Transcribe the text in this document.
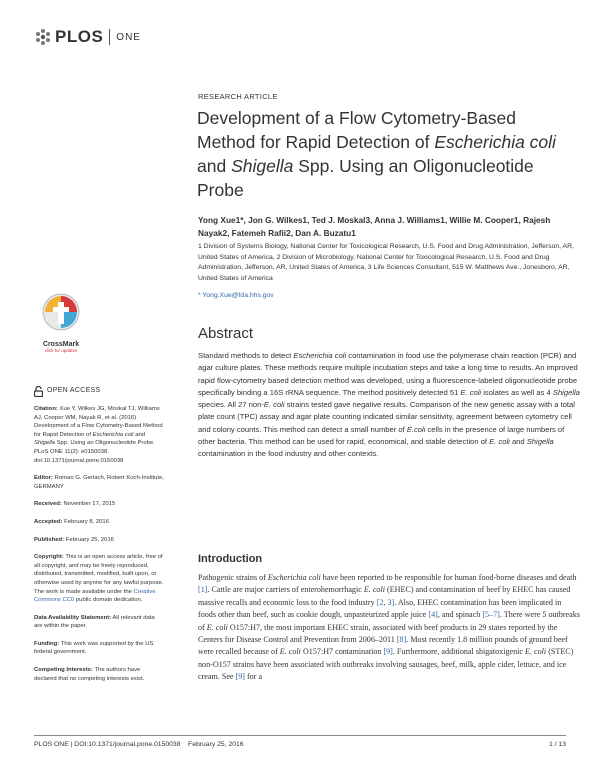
PLOS ONE
RESEARCH ARTICLE
Development of a Flow Cytometry-Based Method for Rapid Detection of Escherichia coli and Shigella Spp. Using an Oligonucleotide Probe
Yong Xue1*, Jon G. Wilkes1, Ted J. Moskal3, Anna J. Williams1, Willie M. Cooper1, Rajesh Nayak2, Fatemeh Rafii2, Dan A. Buzatu1
1 Division of Systems Biology, National Center for Toxicological Research, U.S. Food and Drug Administration, Jefferson, AR, United States of America, 2 Division of Microbiology, National Center for Toxicological Research, U.S. Food and Drug Administration, Jefferson, AR, United States of America, 3 Life Sciences Consultant, 515 W. Matthews Ave., Jonesboro, AR, United States of America
* Yong.Xue@fda.hhs.gov
CrossMark
click for updates
OPEN ACCESS
Citation: Xue Y, Wilkes JG, Moskal TJ, Williams AJ, Cooper WM, Nayak R, et al. (2016) Development of a Flow Cytometry-Based Method for Rapid Detection of Escherichia coli and Shigella Spp. Using an Oligonucleotide Probe. PLoS ONE 11(2): e0150038. doi:10.1371/journal.pone.0150038
Editor: Roman G. Gerlach, Robert Koch-Institute, GERMANY
Received: November 17, 2015
Accepted: February 8, 2016
Published: February 25, 2016
Copyright: This is an open access article, free of all copyright, and may be freely reproduced, distributed, transmitted, modified, built upon, or otherwise used by anyone for any lawful purpose. The work is made available under the Creative Commons CC0 public domain dedication.
Data Availability Statement: All relevant data are within the paper.
Funding: This work was supported by the US federal government.
Competing Interests: The authors have declared that no competing interests exist.
Abstract
Standard methods to detect Escherichia coli contamination in food use the polymerase chain reaction (PCR) and agar culture plates. These methods require multiple incubation steps and take a long time to results. An improved rapid flow-cytometry based detection method was developed, using a fluorescence-labeled oligonucleotide probe specifically binding a 16S rRNA sequence. The method positively detected 51 E. coli isolates as well as 4 Shigella species. All 27 non-E. coli strains tested gave negative results. Comparison of the new genetic assay with a total plate count (TPC) assay and agar plate counting indicated similar sensitivity, agreement between cytometry cell and colony counts. This method can detect a small number of E.coli cells in the presence of large numbers of other bacteria. This method can be used for rapid, economical, and stable detection of E. coli and Shigella contamination in the food industry and other contexts.
Introduction
Pathogenic strains of Escherichia coli have been reported to be responsible for human food-borne diseases and death [1]. Cattle are major carriers of enterohemorrhagic E. coli (EHEC) and contamination of beef by EHEC has caused massive recalls and economic loss to the food industry [2, 3]. Also, EHEC contamination has been implicated in foods other than beef, such as cookie dough, unpasteurized apple juice [4], and spinach [5–7]. There were 5 outbreaks of E. coli O157:H7, the most important EHEC strain, associated with beef products in 29 states reported by the Centers for Disease Control and Prevention from 2006–2011 [8]. Most recently 1.8 million pounds of ground beef were recalled because of E. coli O157:H7 contamination [9]. Furthermore, additional shigatoxigenic E. coli (STEC) non-O157 strains have been associated with outbreaks involving sausages, beef, milk, apple cider, lettuce, and ice cream. See [9] for a
PLOS ONE | DOI:10.1371/journal.pone.0150038    February 25, 2016	1 / 13
